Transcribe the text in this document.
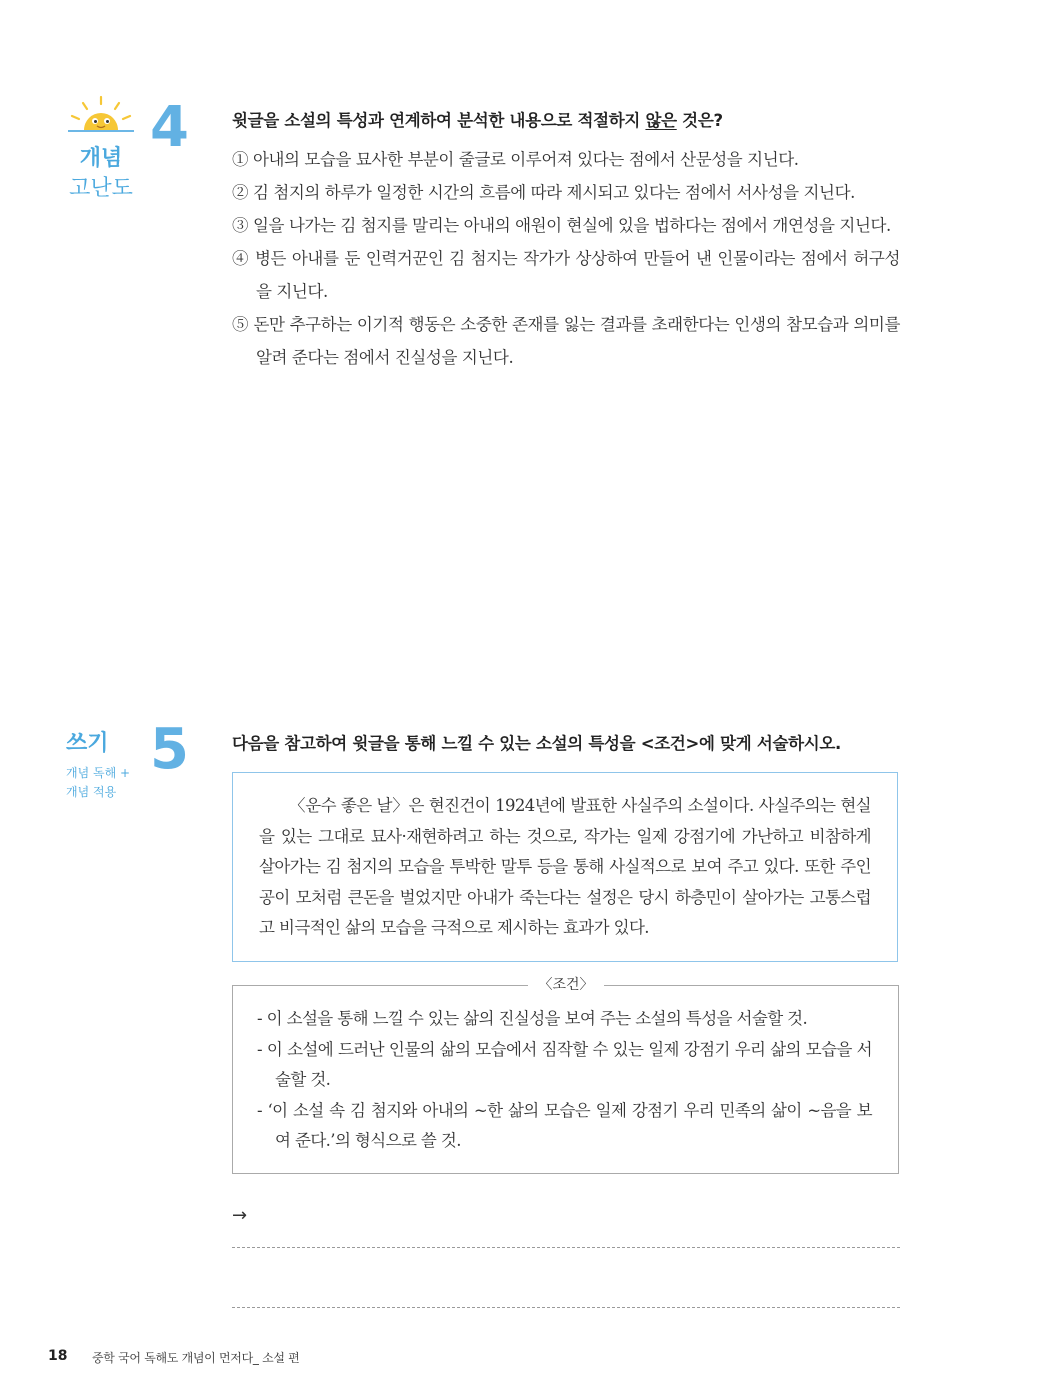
개념
고난도
4	윗글을 소설의 특성과 연계하여 분석한 내용으로 적절하지 않은 것은?
① 아내의 모습을 묘사한 부분이 줄글로 이루어져 있다는 점에서 산문성을 지닌다.
② 김 첨지의 하루가 일정한 시간의 흐름에 따라 제시되고 있다는 점에서 서사성을 지닌다.
③ 일을 나가는 김 첨지를 말리는 아내의 애원이 현실에 있을 법하다는 점에서 개연성을 지닌다.
④ 병든 아내를 둔 인력거꾼인 김 첨지는 작가가 상상하여 만들어 낸 인물이라는 점에서 허구성을 지닌다.
⑤ 돈만 추구하는 이기적 행동은 소중한 존재를 잃는 결과를 초래한다는 인생의 참모습과 의미를 알려 준다는 점에서 진실성을 지닌다.
쓰기
개념 독해 +
개념 적용
5	다음을 참고하여 윗글을 통해 느낄 수 있는 소설의 특성을 <조건>에 맞게 서술하시오.

〈운수 좋은 날〉은 현진건이 1924년에 발표한 사실주의 소설이다. 사실주의는 현실을 있는 그대로 묘사·재현하려고 하는 것으로, 작가는 일제 강점기에 가난하고 비참하게 살아가는 김 첨지의 모습을 투박한 말투 등을 통해 사실적으로 보여 주고 있다. 또한 주인공이 모처럼 큰돈을 벌었지만 아내가 죽는다는 설정은 당시 하층민이 살아가는 고통스럽고 비극적인 삶의 모습을 극적으로 제시하는 효과가 있다.

- 이 소설을 통해 느낄 수 있는 삶의 진실성을 보여 주는 소설의 특성을 서술할 것.
- 이 소설에 드러난 인물의 삶의 모습에서 짐작할 수 있는 일제 강점기 우리 삶의 모습을 서술할 것.
- ‘이 소설 속 김 첨지와 아내의 ~한 삶의 모습은 일제 강점기 우리 민족의 삶이 ~음을 보여 준다.’의 형식으로 쓸 것.
〈조건〉
→
18 중학 국어 독해도 개념이 먼저다_ 소설 편
